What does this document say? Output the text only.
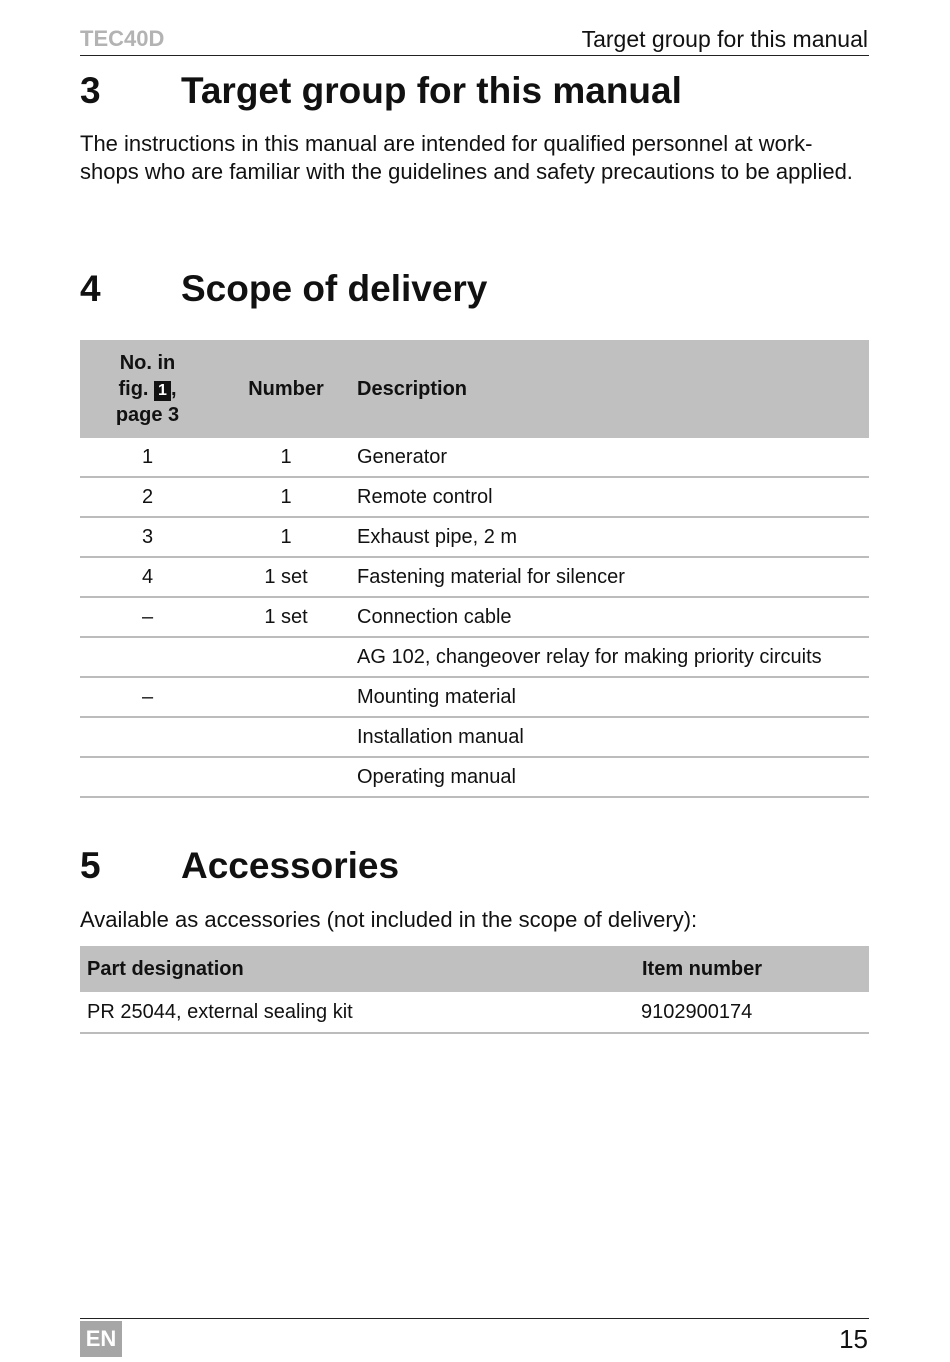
TEC40D	Target group for this manual
3 Target group for this manual
The instructions in this manual are intended for qualified personnel at work-shops who are familiar with the guidelines and safety precautions to be applied.
4 Scope of delivery
No. in
fig. 1 ,
page 3	Number	Description
1	1	Generator
2	1	Remote control
3	1	Exhaust pipe, 2 m
4	1 set	Fastening material for silencer
–	1 set	Connection cable
		AG 102, changeover relay for making priority circuits
–		Mounting material
		Installation manual
		Operating manual
5 Accessories
Available as accessories (not included in the scope of delivery):
Part designation	Item number
PR 25044, external sealing kit	9102900174
EN	15
